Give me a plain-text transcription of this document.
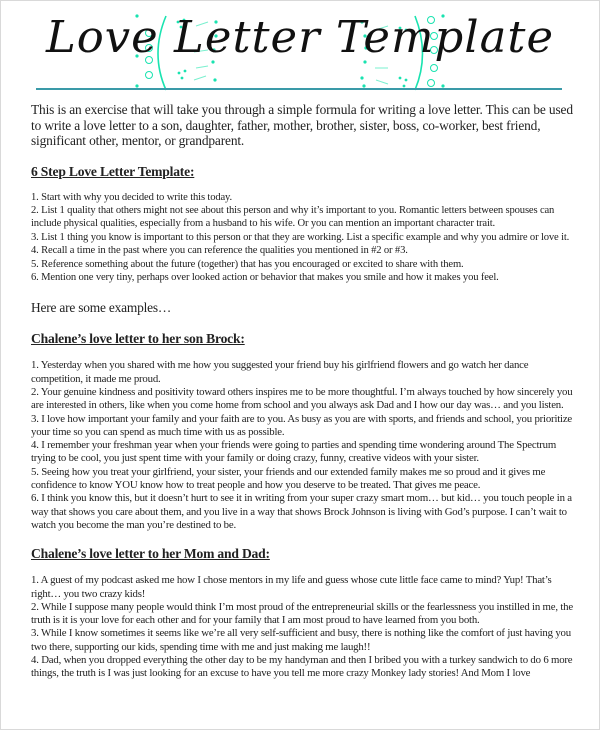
Love Letter Template

This is an exercise that will take you through a simple formula for writing a love letter. This can be used to write a love letter to a son, daughter, father, mother, brother, sister, boss, co-worker, best friend, significant other, mentor, or grandparent.

6 Step Love Letter Template:
1. Start with why you decided to write this today.
2. List 1 quality that others might not see about this person and why it’s important to you. Romantic letters between spouses can include physical qualities, especially from a husband to his wife. Or you can mention an important character trait.
3. List 1 thing you know is important to this person or that they are working. List a specific example and why you admire or love it.
4. Recall a time in the past where you can reference the qualities you mentioned in #2 or #3.
5. Reference something about the future (together) that has you encouraged or excited to share with them.
6. Mention one very tiny, perhaps over looked action or behavior that makes you smile and how it makes you feel.
Here are some examples…
Chalene’s love letter to her son Brock:
1. Yesterday when you shared with me how you suggested your friend buy his girlfriend flowers and go watch her dance competition, it made me proud.
2. Your genuine kindness and positivity toward others inspires me to be more thoughtful. I’m always touched by how sincerely you are interested in others, like when you come home from school and you always ask Dad and I how our day was… and you listen.
3. I love how important your family and your faith are to you. As busy as you are with sports, and friends and school, you prioritize your time so you can spend as much time with us as possible.
4. I remember your freshman year when your friends were going to parties and spending time wondering around The Spectrum trying to be cool, you just spent time with your family or doing crazy, funny, creative videos with your sister.
5. Seeing how you treat your girlfriend, your sister, your friends and our extended family makes me so proud and it gives me confidence to know YOU know how to treat people and how you deserve to be treated. That gives me peace.
6. I think you know this, but it doesn’t hurt to see it in writing from your super crazy smart mom… but kid… you touch people in a way that shows you care about them, and you live in a way that shows Brock Johnson is living with God’s purpose. I can’t wait to watch you become the man you’re destined to be.
Chalene’s love letter to her Mom and Dad:
1. A guest of my podcast asked me how I chose mentors in my life and guess whose cute little face came to mind? Yup! That’s right… you two crazy kids!
2. While I suppose many people would think I’m most proud of the entrepreneurial skills or the fearlessness you instilled in me, the truth is it is your love for each other and for your family that I am most proud to have learned from you both.
3. While I know sometimes it seems like we’re all very self-sufficient and busy, there is nothing like the comfort of just having you two there, supporting our kids, spending time with me and just making me laugh!!
4. Dad, when you dropped everything the other day to be my handyman and then I bribed you with a turkey sandwich to do 6 more things, the truth is I was just looking for an excuse to have you tell me more crazy Monkey lady stories! And Mom I love
